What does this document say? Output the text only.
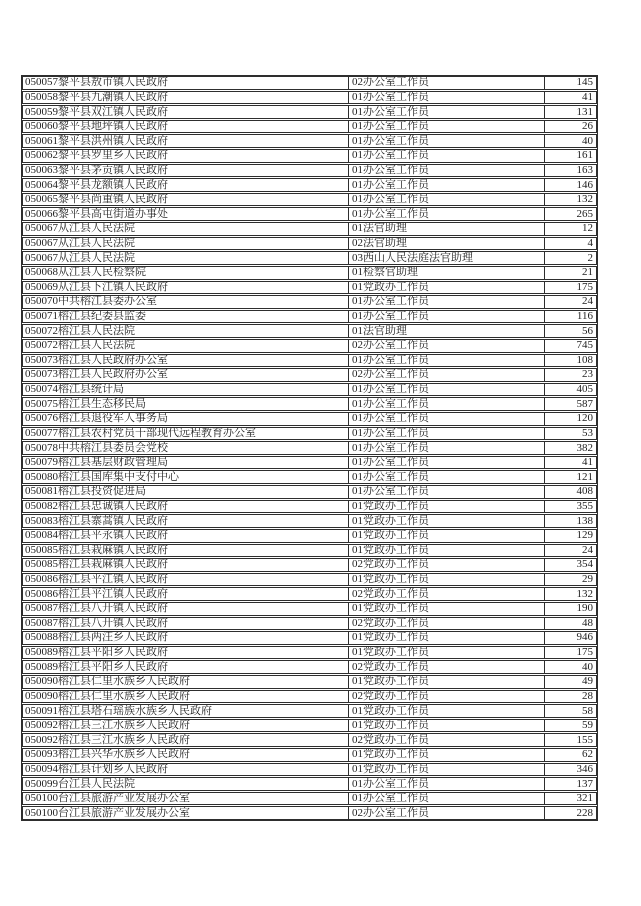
050057黎平县敖市镇人民政府	02办公室工作员	145
050058黎平县九潮镇人民政府	01办公室工作员	41
050059黎平县双江镇人民政府	01办公室工作员	131
050060黎平县地坪镇人民政府	01办公室工作员	26
050061黎平县洪州镇人民政府	01办公室工作员	40
050062黎平县罗里乡人民政府	01办公室工作员	161
050063黎平县茅贡镇人民政府	01办公室工作员	163
050064黎平县龙额镇人民政府	01办公室工作员	146
050065黎平县尚重镇人民政府	01办公室工作员	132
050066黎平县高屯街道办事处	01办公室工作员	265
050067从江县人民法院	01法官助理	12
050067从江县人民法院	02法官助理	4
050067从江县人民法院	03西山人民法庭法官助理	2
050068从江县人民检察院	01检察官助理	21
050069从江县下江镇人民政府	01党政办工作员	175
050070中共榕江县委办公室	01办公室工作员	24
050071榕江县纪委县监委	01办公室工作员	116
050072榕江县人民法院	01法官助理	56
050072榕江县人民法院	02办公室工作员	745
050073榕江县人民政府办公室	01办公室工作员	108
050073榕江县人民政府办公室	02办公室工作员	23
050074榕江县统计局	01办公室工作员	405
050075榕江县生态移民局	01办公室工作员	587
050076榕江县退役军人事务局	01办公室工作员	120
050077榕江县农村党员干部现代远程教育办公室	01办公室工作员	53
050078中共榕江县委员会党校	01办公室工作员	382
050079榕江县基层财政管理局	01办公室工作员	41
050080榕江县国库集中支付中心	01办公室工作员	121
050081榕江县投资促进局	01办公室工作员	408
050082榕江县忠诚镇人民政府	01党政办工作员	355
050083榕江县寨蒿镇人民政府	01党政办工作员	138
050084榕江县平永镇人民政府	01党政办工作员	129
050085榕江县栽麻镇人民政府	01党政办工作员	24
050085榕江县栽麻镇人民政府	02党政办工作员	354
050086榕江县平江镇人民政府	01党政办工作员	29
050086榕江县平江镇人民政府	02党政办工作员	132
050087榕江县八开镇人民政府	01党政办工作员	190
050087榕江县八开镇人民政府	02党政办工作员	48
050088榕江县两汪乡人民政府	01党政办工作员	946
050089榕江县平阳乡人民政府	01党政办工作员	175
050089榕江县平阳乡人民政府	02党政办工作员	40
050090榕江县仁里水族乡人民政府	01党政办工作员	49
050090榕江县仁里水族乡人民政府	02党政办工作员	28
050091榕江县塔石瑶族水族乡人民政府	01党政办工作员	58
050092榕江县三江水族乡人民政府	01党政办工作员	59
050092榕江县三江水族乡人民政府	02党政办工作员	155
050093榕江县兴华水族乡人民政府	01党政办工作员	62
050094榕江县计划乡人民政府	01党政办工作员	346
050099台江县人民法院	01办公室工作员	137
050100台江县旅游产业发展办公室	01办公室工作员	321
050100台江县旅游产业发展办公室	02办公室工作员	228
